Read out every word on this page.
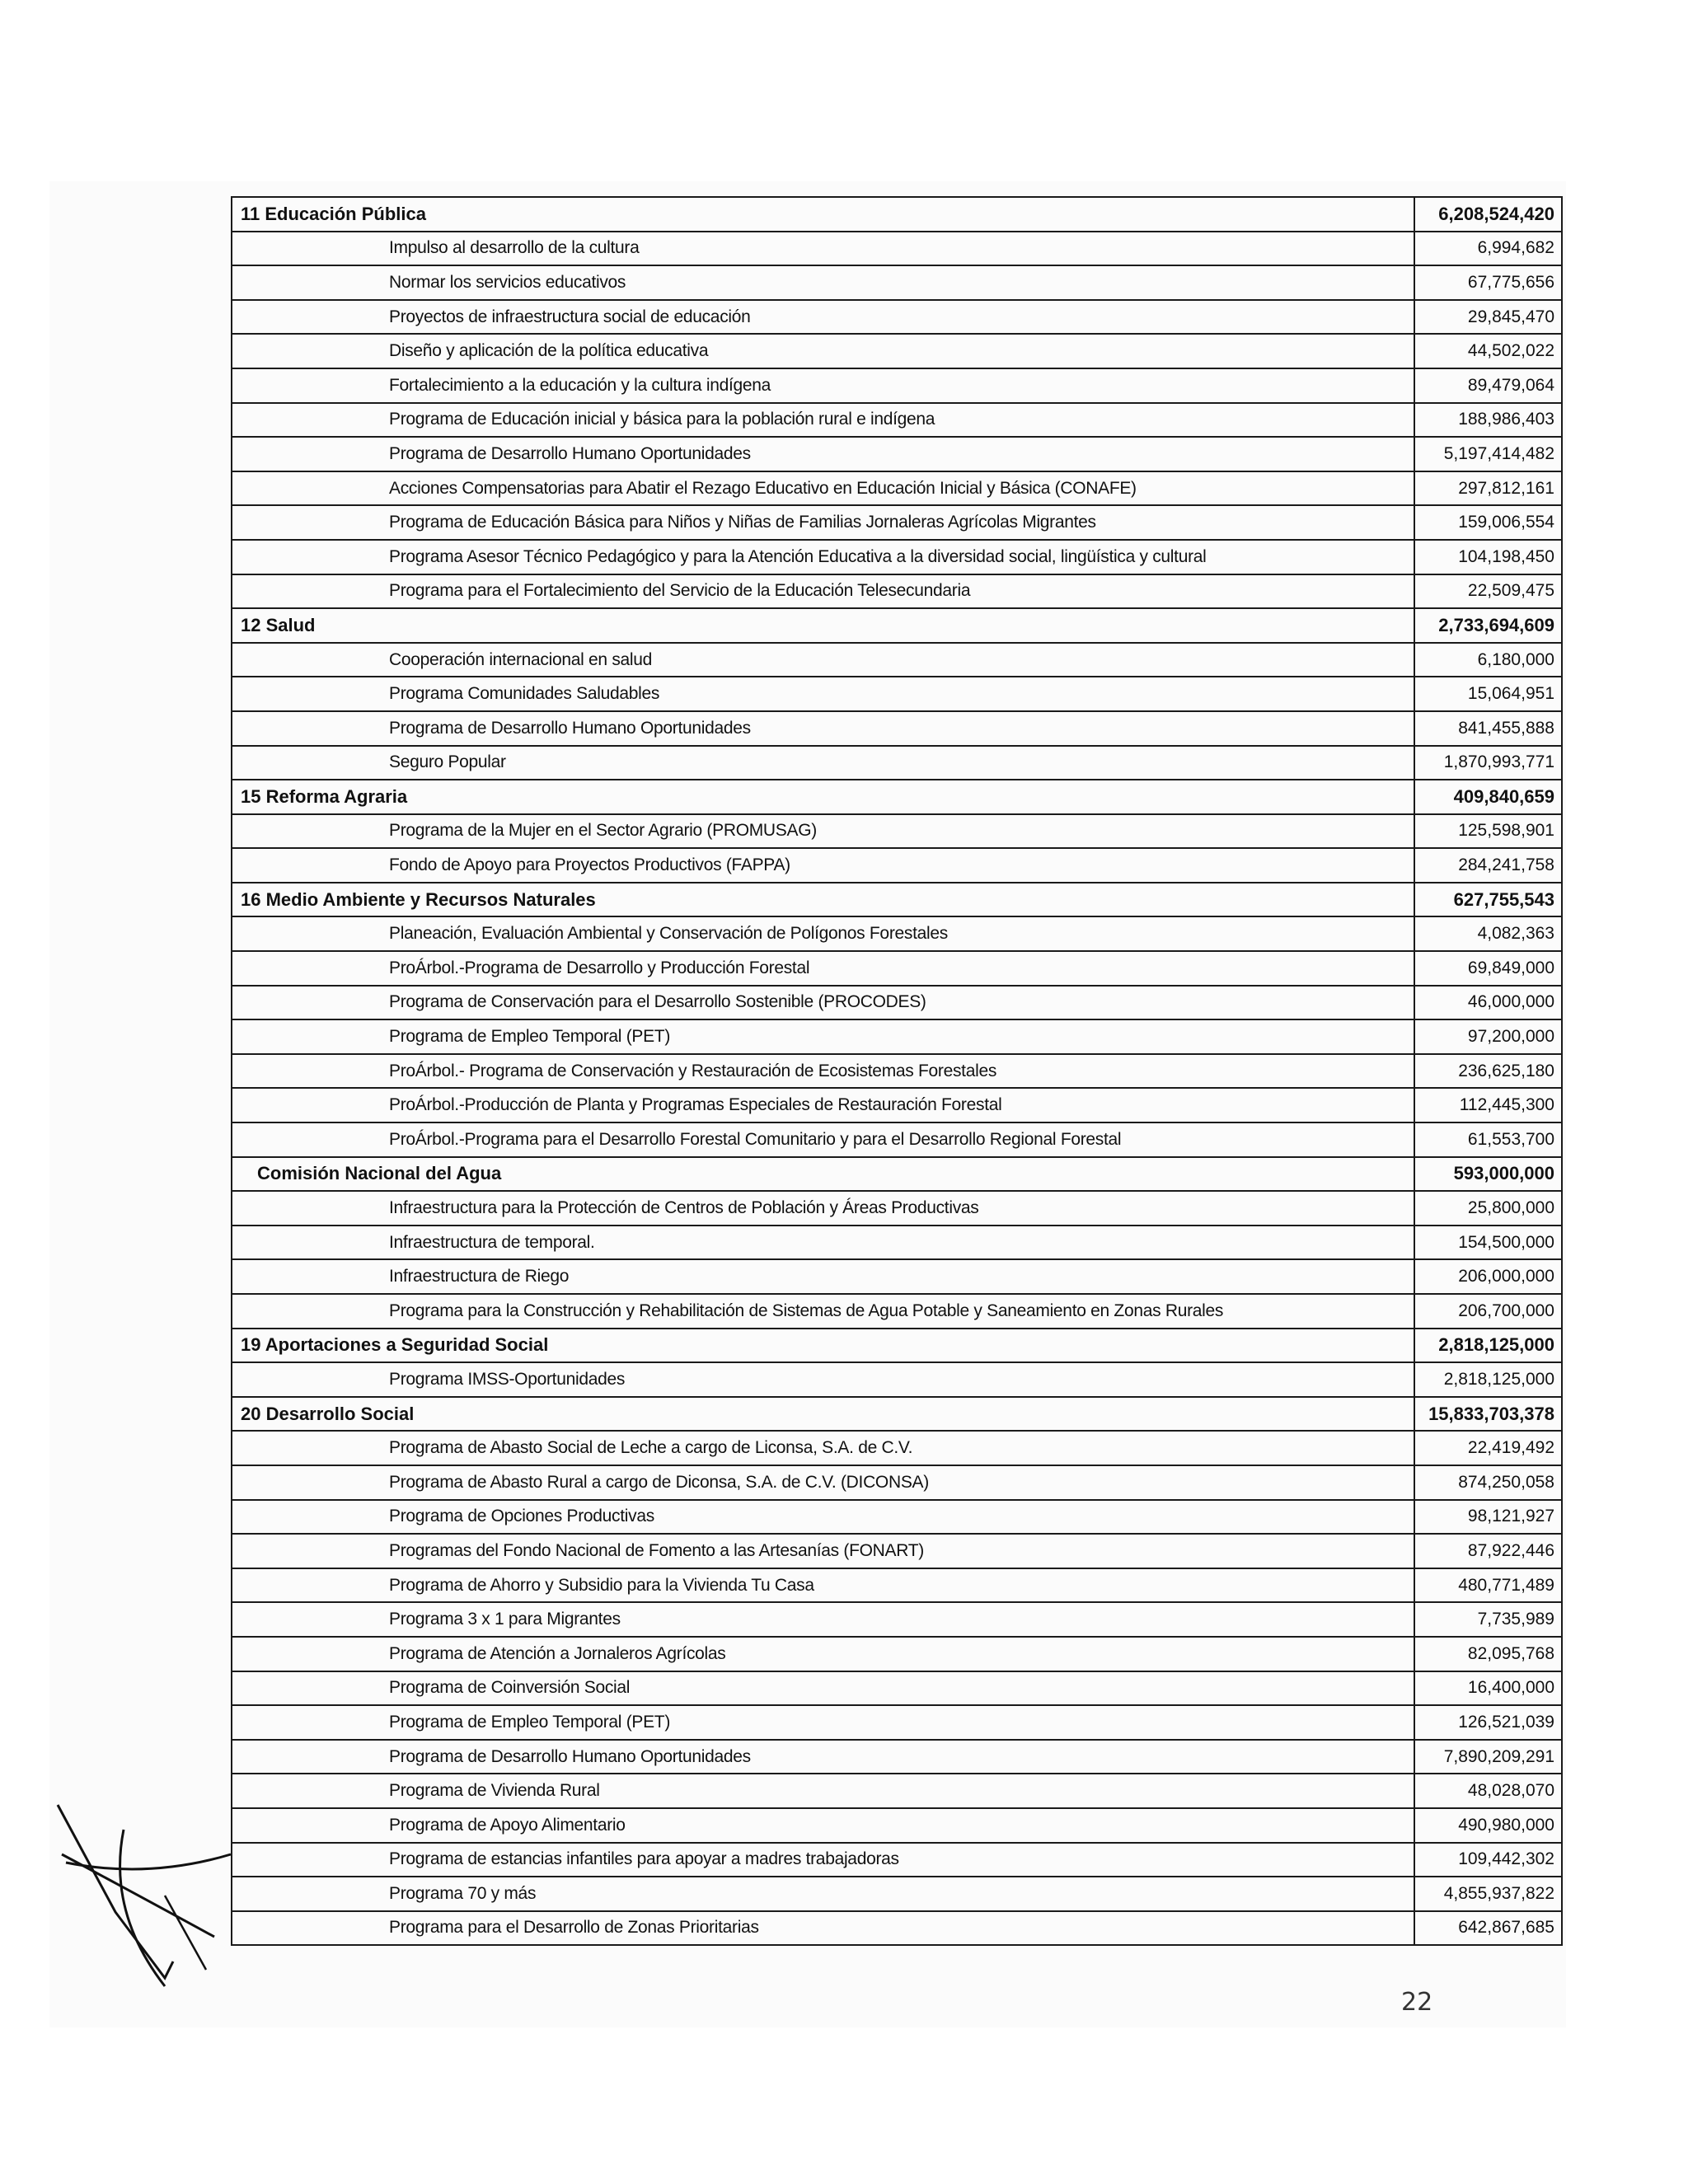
11 Educación Pública	6,208,524,420
Impulso al desarrollo de la cultura	6,994,682
Normar los servicios educativos	67,775,656
Proyectos de infraestructura social de educación	29,845,470
Diseño y aplicación de la política educativa	44,502,022
Fortalecimiento a la educación y la cultura indígena	89,479,064
Programa de Educación inicial y básica para la población rural e indígena	188,986,403
Programa de Desarrollo Humano Oportunidades	5,197,414,482
Acciones Compensatorias para Abatir el Rezago Educativo en Educación Inicial y Básica (CONAFE)	297,812,161
Programa de Educación Básica para Niños y Niñas de Familias Jornaleras Agrícolas Migrantes	159,006,554
Programa Asesor Técnico Pedagógico y para la Atención Educativa a la diversidad social, lingüística y cultural	104,198,450
Programa para el Fortalecimiento del Servicio de la Educación Telesecundaria	22,509,475
12 Salud	2,733,694,609
Cooperación internacional en salud	6,180,000
Programa Comunidades Saludables	15,064,951
Programa de Desarrollo Humano Oportunidades	841,455,888
Seguro Popular	1,870,993,771
15 Reforma Agraria	409,840,659
Programa de la Mujer en el Sector Agrario (PROMUSAG)	125,598,901
Fondo de Apoyo para Proyectos Productivos (FAPPA)	284,241,758
16 Medio Ambiente y Recursos Naturales	627,755,543
Planeación, Evaluación Ambiental y Conservación de Polígonos Forestales	4,082,363
ProÁrbol.-Programa de Desarrollo y Producción Forestal	69,849,000
Programa de Conservación para el Desarrollo Sostenible (PROCODES)	46,000,000
Programa de Empleo Temporal (PET)	97,200,000
ProÁrbol.- Programa de Conservación y Restauración de Ecosistemas Forestales	236,625,180
ProÁrbol.-Producción de Planta y Programas Especiales de Restauración Forestal	112,445,300
ProÁrbol.-Programa para el Desarrollo Forestal Comunitario y para el Desarrollo Regional Forestal	61,553,700
Comisión Nacional del Agua	593,000,000
Infraestructura para la Protección de Centros de Población y Áreas Productivas	25,800,000
Infraestructura de temporal.	154,500,000
Infraestructura de Riego	206,000,000
Programa para la Construcción y Rehabilitación de Sistemas de Agua Potable y Saneamiento en Zonas Rurales	206,700,000
19 Aportaciones a Seguridad Social	2,818,125,000
Programa IMSS-Oportunidades	2,818,125,000
20 Desarrollo Social	15,833,703,378
Programa de Abasto Social de Leche a cargo de Liconsa, S.A. de C.V.	22,419,492
Programa de Abasto Rural a cargo de Diconsa, S.A. de C.V. (DICONSA)	874,250,058
Programa de Opciones Productivas	98,121,927
Programas del Fondo Nacional de Fomento a las Artesanías (FONART)	87,922,446
Programa de Ahorro y Subsidio para la Vivienda Tu Casa	480,771,489
Programa 3 x 1 para Migrantes	7,735,989
Programa de Atención a Jornaleros Agrícolas	82,095,768
Programa de Coinversión Social	16,400,000
Programa de Empleo Temporal (PET)	126,521,039
Programa de Desarrollo Humano Oportunidades	7,890,209,291
Programa de Vivienda Rural	48,028,070
Programa de Apoyo Alimentario	490,980,000
Programa de estancias infantiles para apoyar a madres trabajadoras	109,442,302
Programa 70 y más	4,855,937,822
Programa para el Desarrollo de Zonas Prioritarias	642,867,685
22
